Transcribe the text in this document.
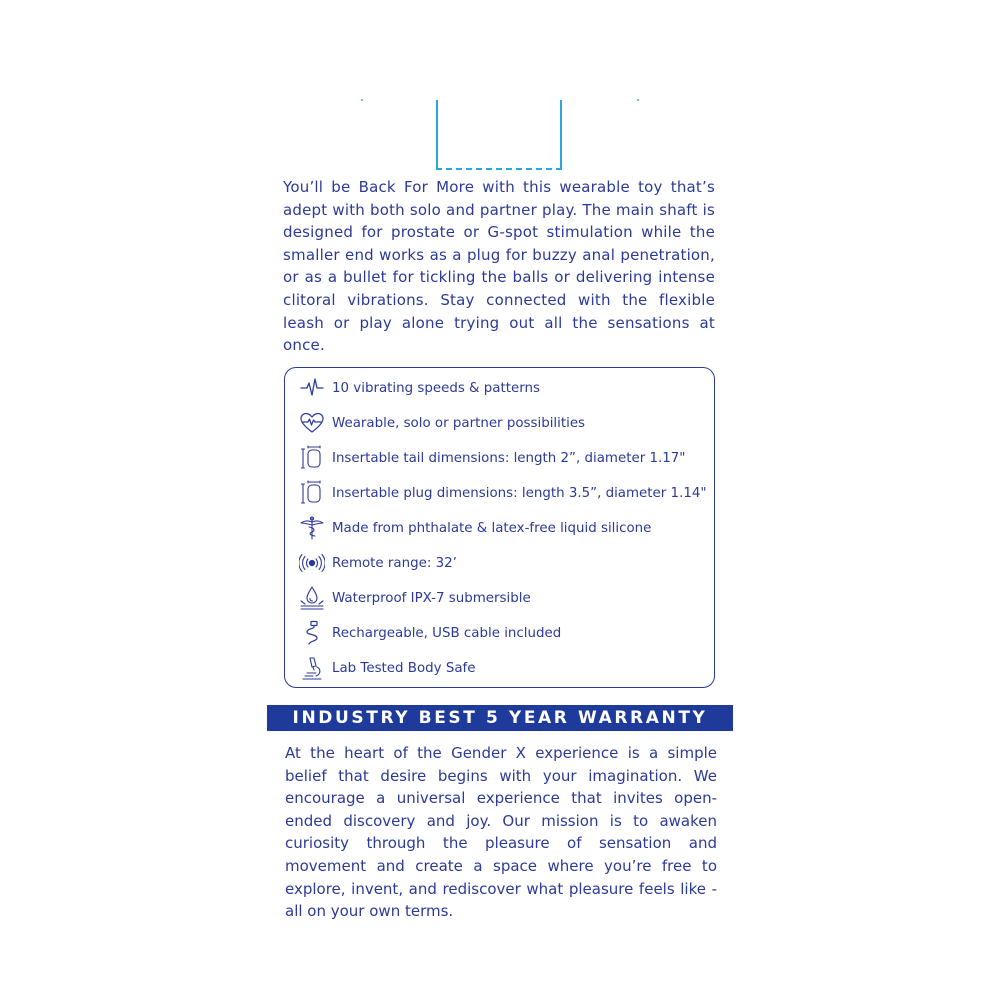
You’ll be Back For More with this wearable toy that’s adept with both solo and partner play. The main shaft is designed for prostate or G-spot stimulation while the smaller end works as a plug for buzzy anal penetration, or as a bullet for tickling the balls or delivering intense clitoral vibrations. Stay connected with the flexible leash or play alone trying out all the sensations at once.

10 vibrating speeds & patterns
Wearable, solo or partner possibilities
Insertable tail dimensions: length 2”, diameter 1.17"
Insertable plug dimensions: length 3.5”, diameter 1.14"
Made from phthalate & latex-free liquid silicone
Remote range: 32’
Waterproof IPX-7 submersible
Rechargeable, USB cable included
Lab Tested Body Safe
INDUSTRY BEST 5 YEAR WARRANTY

At the heart of the Gender X experience is a simple belief that desire begins with your imagination. We encourage a universal experience that invites open-ended discovery and joy. Our mission is to awaken curiosity through the pleasure of sensation and movement and create a space where you’re free to explore, invent, and rediscover what pleasure feels like - all on your own terms.
